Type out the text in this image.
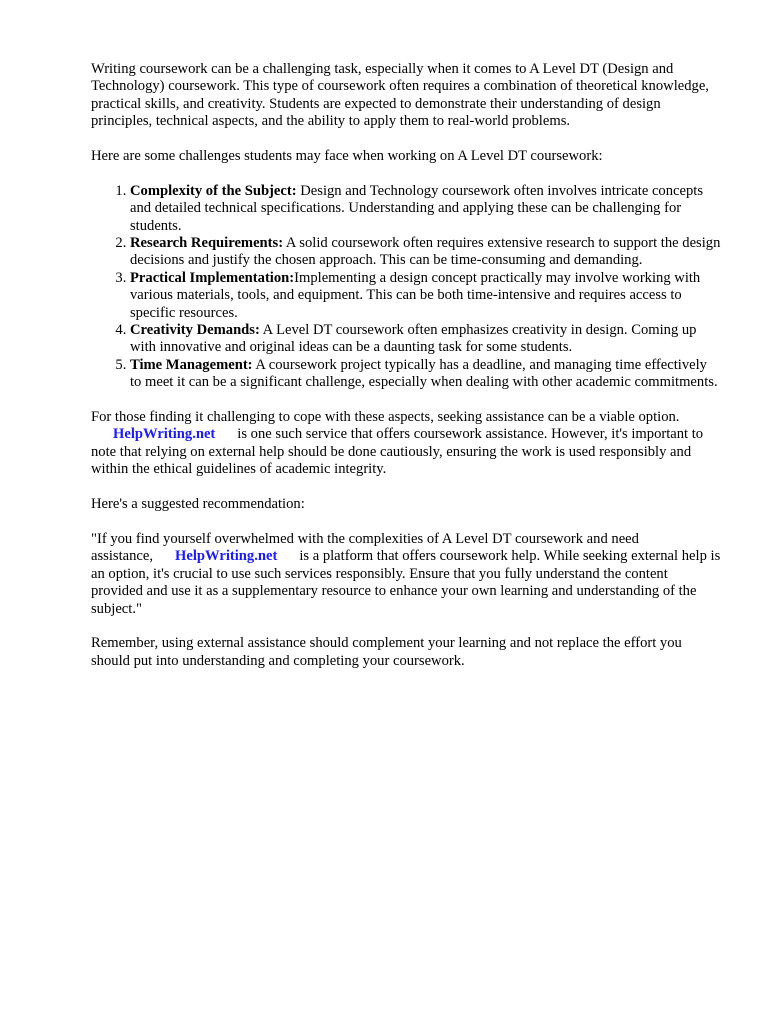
Writing coursework can be a challenging task, especially when it comes to A Level DT (Design and Technology) coursework. This type of coursework often requires a combination of theoretical knowledge, practical skills, and creativity. Students are expected to demonstrate their understanding of design principles, technical aspects, and the ability to apply them to real-world problems.

Here are some challenges students may face when working on A Level DT coursework:

1. Complexity of the Subject: Design and Technology coursework often involves intricate concepts and detailed technical specifications. Understanding and applying these can be challenging for students.
2. Research Requirements: A solid coursework often requires extensive research to support the design decisions and justify the chosen approach. This can be time-consuming and demanding.
3. Practical Implementation:Implementing a design concept practically may involve working with various materials, tools, and equipment. This can be both time-intensive and requires access to specific resources.
4. Creativity Demands: A Level DT coursework often emphasizes creativity in design. Coming up with innovative and original ideas can be a daunting task for some students.
5. Time Management: A coursework project typically has a deadline, and managing time effectively to meet it can be a significant challenge, especially when dealing with other academic commitments.

For those finding it challenging to cope with these aspects, seeking assistance can be a viable option.
HelpWriting.net is one such service that offers coursework assistance. However, it's important to note that relying on external help should be done cautiously, ensuring the work is used responsibly and within the ethical guidelines of academic integrity.

Here's a suggested recommendation:

"If you find yourself overwhelmed with the complexities of A Level DT coursework and need assistance, HelpWriting.net is a platform that offers coursework help. While seeking external help is an option, it's crucial to use such services responsibly. Ensure that you fully understand the content provided and use it as a supplementary resource to enhance your own learning and understanding of the subject."

Remember, using external assistance should complement your learning and not replace the effort you should put into understanding and completing your coursework.
